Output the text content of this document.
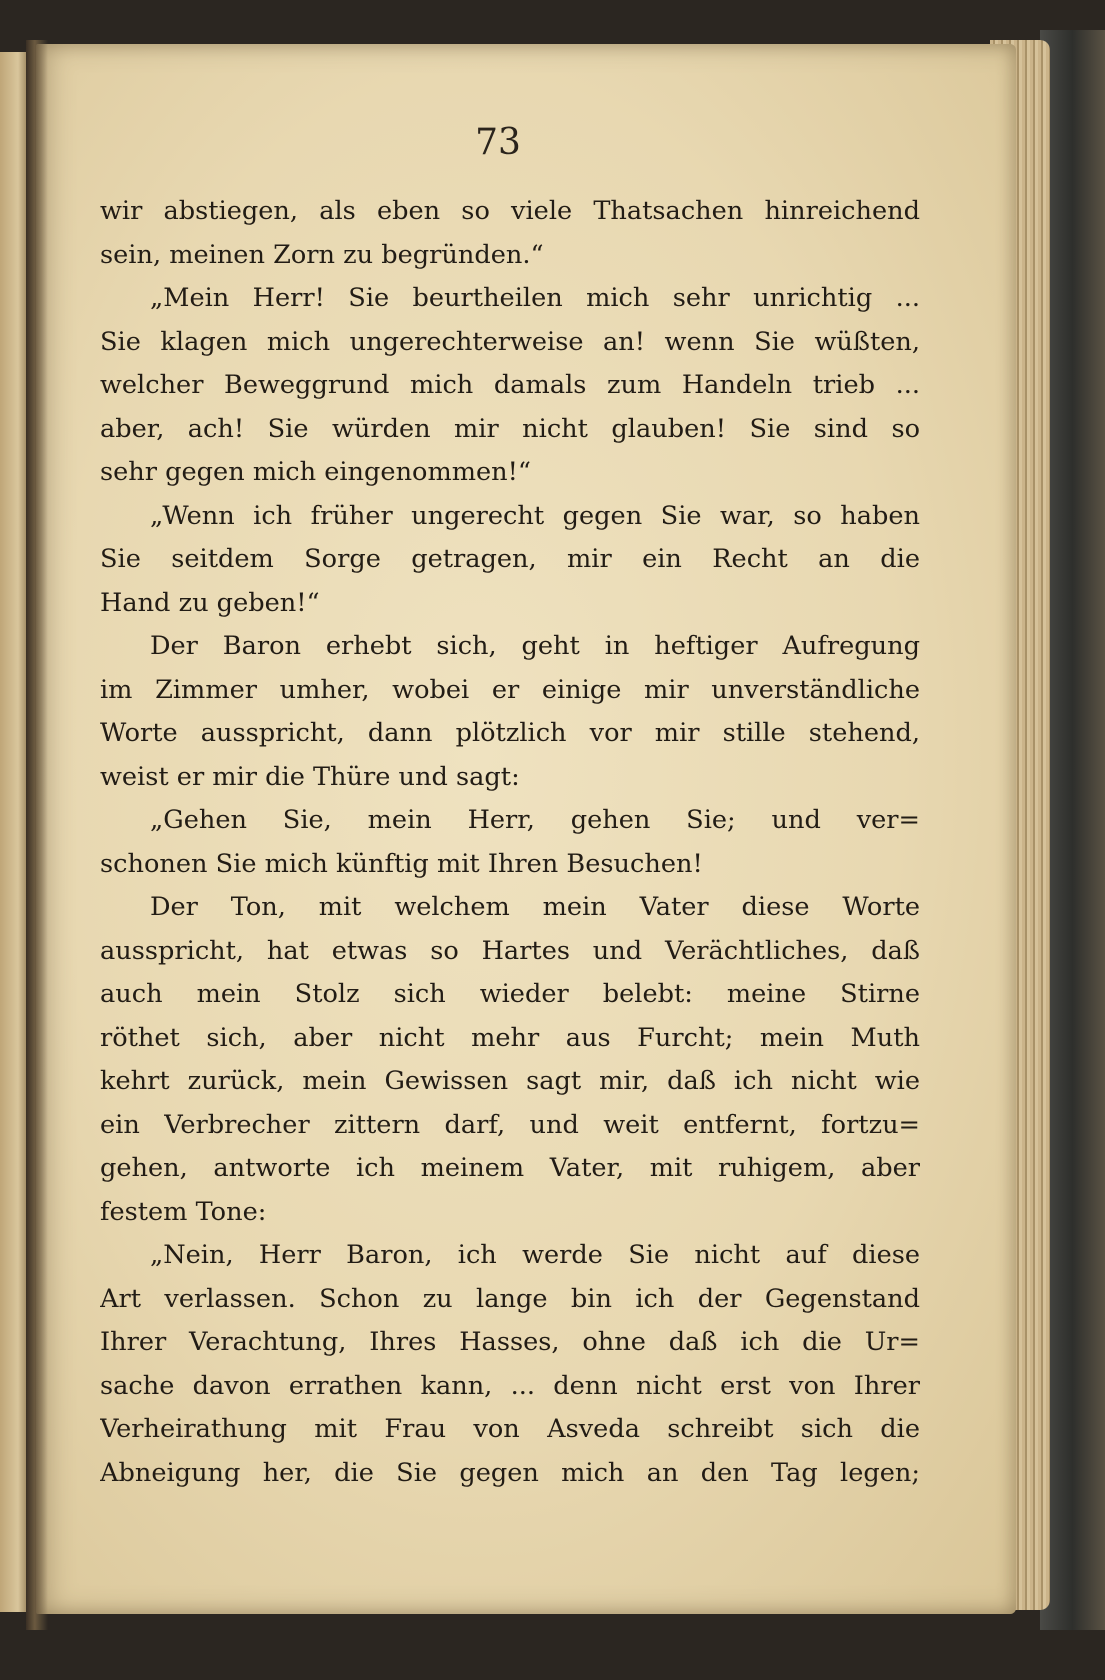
73
wir abstiegen, als eben so viele Thatsachen hinreichend
sein, meinen Zorn zu begründen.“
„Mein Herr! Sie beurtheilen mich sehr unrichtig ...
Sie klagen mich ungerechterweise an! wenn Sie wüßten,
welcher Beweggrund mich damals zum Handeln trieb ...
aber, ach! Sie würden mir nicht glauben! Sie sind so
sehr gegen mich eingenommen!“
„Wenn ich früher ungerecht gegen Sie war, so haben
Sie seitdem Sorge getragen, mir ein Recht an die
Hand zu geben!“
Der Baron erhebt sich, geht in heftiger Aufregung
im Zimmer umher, wobei er einige mir unverständliche
Worte ausspricht, dann plötzlich vor mir stille stehend,
weist er mir die Thüre und sagt:
„Gehen Sie, mein Herr, gehen Sie; und ver=
schonen Sie mich künftig mit Ihren Besuchen!
Der Ton, mit welchem mein Vater diese Worte
ausspricht, hat etwas so Hartes und Verächtliches, daß
auch mein Stolz sich wieder belebt: meine Stirne
röthet sich, aber nicht mehr aus Furcht; mein Muth
kehrt zurück, mein Gewissen sagt mir, daß ich nicht wie
ein Verbrecher zittern darf, und weit entfernt, fortzu=
gehen, antworte ich meinem Vater, mit ruhigem, aber
festem Tone:
„Nein, Herr Baron, ich werde Sie nicht auf diese
Art verlassen. Schon zu lange bin ich der Gegenstand
Ihrer Verachtung, Ihres Hasses, ohne daß ich die Ur=
sache davon errathen kann, ... denn nicht erst von Ihrer
Verheirathung mit Frau von Asveda schreibt sich die
Abneigung her, die Sie gegen mich an den Tag legen;
